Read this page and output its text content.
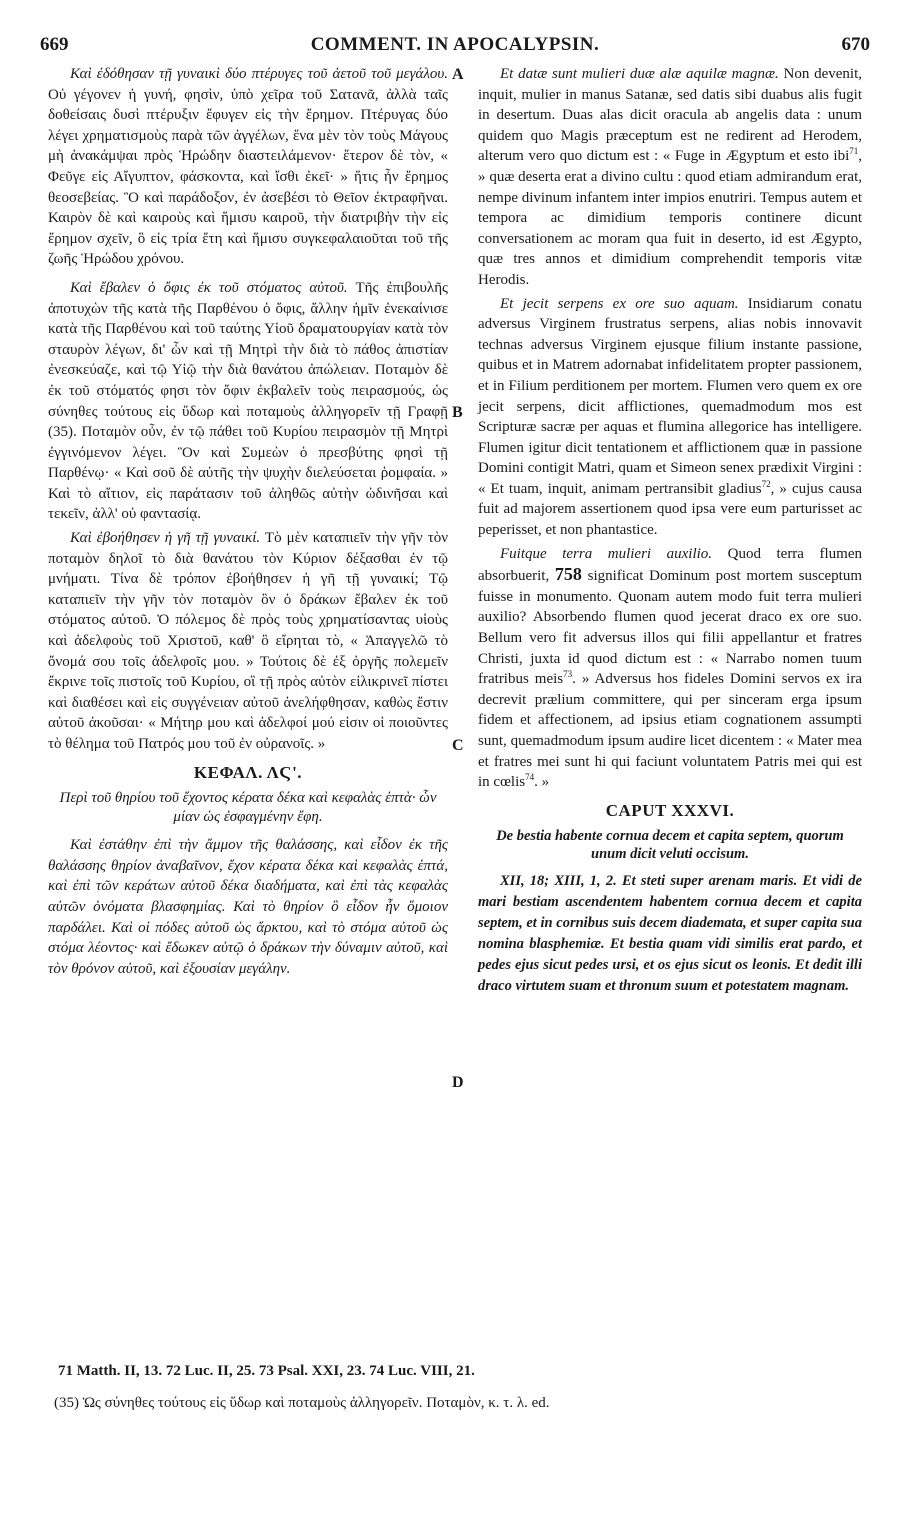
669	COMMENT. IN APOCALYPSIN.	670
A
B
C
D

Καὶ ἐδόθησαν τῇ γυναικὶ δύο πτέρυγες τοῦ ἀετοῦ τοῦ μεγάλου. Οὐ γέγονεν ἡ γυνή, φησὶν, ὑπὸ χεῖρα τοῦ Σατανᾶ, ἀλλὰ ταῖς δοθείσαις δυσὶ πτέρυξιν ἔφυγεν εἰς τὴν ἔρημον. Πτέρυγας δύο λέγει χρηματισμοὺς παρὰ τῶν ἀγγέλων, ἕνα μὲν τὸν τοὺς Μάγους μὴ ἀνακάμψαι πρὸς Ἡρώδην διαστειλάμενον· ἕτερον δὲ τὸν, « Φεῦγε εἰς Αἴγυπτον, φάσκοντα, καὶ ἴσθι ἐκεῖ· » ἥτις ἦν ἔρημος θεοσεβείας. Ὃ καὶ παράδοξον, ἐν ἀσεβέσι τὸ Θεῖον ἐκτραφῆναι. Καιρὸν δὲ καὶ καιροὺς καὶ ἥμισυ καιροῦ, τὴν διατριβὴν τὴν εἰς ἔρημον σχεῖν, ὃ εἰς τρία ἔτη καὶ ἥμισυ συγκεφαλαιοῦται τοῦ τῆς ζωῆς Ἡρώδου χρόνου.

Καὶ ἔβαλεν ὁ ὄφις ἐκ τοῦ στόματος αὐτοῦ. Τῆς ἐπιβουλῆς ἀποτυχὼν τῆς κατὰ τῆς Παρθένου ὁ ὄφις, ἄλλην ἡμῖν ἐνεκαίνισε κατὰ τῆς Παρθένου καὶ τοῦ ταύτης Υἱοῦ δραματουργίαν κατὰ τὸν σταυρὸν λέγων, δι' ὧν καὶ τῇ Μητρὶ τὴν διὰ τὸ πάθος ἀπιστίαν ἐνεσκεύαζε, καὶ τῷ Υἱῷ τὴν διὰ θανάτου ἀπώλειαν. Ποταμὸν δὲ ἐκ τοῦ στόματός φησι τὸν ὄφιν ἐκβαλεῖν τοὺς πειρασμούς, ὡς σύνηθες τούτους εἰς ὕδωρ καὶ ποταμοὺς ἀλληγορεῖν τῇ Γραφῇ (35). Ποταμὸν οὖν, ἐν τῷ πάθει τοῦ Κυρίου πειρασμὸν τῇ Μητρὶ ἐγγινόμενον λέγει. Ὃν καὶ Συμεὼν ὁ πρεσβύτης φησὶ τῇ Παρθένῳ· « Καὶ σοῦ δὲ αὐτῆς τὴν ψυχὴν διελεύσεται ῥομφαία. » Καὶ τὸ αἴτιον, εἰς παράτασιν τοῦ ἀληθῶς αὐτὴν ὠδινῆσαι καὶ τεκεῖν, ἀλλ' οὐ φαντασίᾳ.

Καὶ ἐβοήθησεν ἡ γῆ τῇ γυναικί. Τὸ μὲν καταπιεῖν τὴν γῆν τὸν ποταμὸν δηλοῖ τὸ διὰ θανάτου τὸν Κύριον δέξασθαι ἐν τῷ μνήματι. Τίνα δὲ τρόπον ἐβοήθησεν ἡ γῆ τῇ γυναικί; Τῷ καταπιεῖν τὴν γῆν τὸν ποταμὸν ὃν ὁ δράκων ἔβαλεν ἐκ τοῦ στόματος αὐτοῦ. Ὁ πόλεμος δὲ πρὸς τοὺς χρηματίσαντας υἱοὺς καὶ ἀδελφοὺς τοῦ Χριστοῦ, καθ' ὃ εἴρηται τὸ, « Ἀπαγγελῶ τὸ ὄνομά σου τοῖς ἀδελφοῖς μου. » Τούτοις δὲ ἐξ ὀργῆς πολεμεῖν ἔκρινε τοῖς πιστοῖς τοῦ Κυρίου, οἳ τῇ πρὸς αὐτὸν εἰλικρινεῖ πίστει καὶ διαθέσει καὶ εἰς συγγένειαν αὐτοῦ ἀνελήφθησαν, καθὼς ἔστιν αὐτοῦ ἀκοῦσαι· « Μήτηρ μου καὶ ἀδελφοί μού εἰσιν οἱ ποιοῦντες τὸ θέλημα τοῦ Πατρός μου τοῦ ἐν οὐρανοῖς. »

ΚΕΦΑΛ. ΛϚ'.
Περὶ τοῦ θηρίου τοῦ ἔχοντος κέρατα δέκα καὶ κεφαλὰς ἑπτὰ· ὧν μίαν ὡς ἐσφαγμένην ἔφη.

Καὶ ἐστάθην ἐπὶ τὴν ἄμμον τῆς θαλάσσης, καὶ εἶδον ἐκ τῆς θαλάσσης θηρίον ἀναβαῖνον, ἔχον κέρατα δέκα καὶ κεφαλὰς ἑπτά, καὶ ἐπὶ τῶν κεράτων αὐτοῦ δέκα διαδήματα, καὶ ἐπὶ τὰς κεφαλὰς αὐτῶν ὀνόματα βλασφημίας. Καὶ τὸ θηρίον ὃ εἶδον ἦν ὅμοιον παρδάλει. Καὶ οἱ πόδες αὐτοῦ ὡς ἄρκτου, καὶ τὸ στόμα αὐτοῦ ὡς στόμα λέοντος· καὶ ἔδωκεν αὐτῷ ὁ δράκων τὴν δύναμιν αὐτοῦ, καὶ τὸν θρόνον αὐτοῦ, καὶ ἐξουσίαν μεγάλην.

Et datæ sunt mulieri duæ alæ aquilæ magnæ. Non devenit, inquit, mulier in manus Satanæ, sed datis sibi duabus alis fugit in desertum. Duas alas dicit oracula ab angelis data : unum quidem quo Magis præceptum est ne redirent ad Herodem, alterum vero quo dictum est : « Fuge in Ægyptum et esto ibi$^{71}$, » quæ deserta erat a divino cultu : quod etiam admirandum erat, nempe divinum infantem inter impios enutriri. Tempus autem et tempora ac dimidium temporis continere dicunt conversationem ac moram qua fuit in deserto, id est Ægypto, quæ tres annos et dimidium comprehendit temporis vitæ Herodis.

Et jecit serpens ex ore suo aquam. Insidiarum conatu adversus Virginem frustratus serpens, alias nobis innovavit technas adversus Virginem ejusque filium instante passione, quibus et in Matrem adornabat infidelitatem propter passionem, et in Filium perditionem per mortem. Flumen vero quem ex ore jecit serpens, dicit afflictiones, quemadmodum mos est Scripturæ sacræ per aquas et flumina allegorice has intelligere. Flumen igitur dicit tentationem et afflictionem quæ in passione Domini contigit Matri, quam et Simeon senex prædixit Virgini : « Et tuam, inquit, animam pertransibit gladius$^{72}$, » cujus causa fuit ad majorem assertionem quod ipsa vere eum parturisset ac peperisset, et non phantastice.

Fuitque terra mulieri auxilio. Quod terra flumen absorbuerit, 758 significat Dominum post mortem susceptum fuisse in monumento. Quonam autem modo fuit terra mulieri auxilio? Absorbendo flumen quod jecerat draco ex ore suo. Bellum vero fit adversus illos qui filii appellantur et fratres Christi, juxta id quod dictum est : « Narrabo nomen tuum fratribus meis$^{73}$. » Adversus hos fideles Domini servos ex ira decrevit prælium committere, qui per sinceram erga ipsum fidem et affectionem, ad ipsius etiam cognationem assumpti sunt, quemadmodum ipsum audire licet dicentem : « Mater mea et fratres mei sunt hi qui faciunt voluntatem Patris mei qui est in cœlis$^{74}$. »

CAPUT XXXVI.
De bestia habente cornua decem et capita septem, quorum unum dicit veluti occisum.

XII, 18; XIII, 1, 2. Et steti super arenam maris. Et vidi de mari bestiam ascendentem habentem cornua decem et capita septem, et in cornibus suis decem diademata, et super capita sua nomina blasphemiæ. Et bestia quam vidi similis erat pardo, et pedes ejus sicut pedes ursi, et os ejus sicut os leonis. Et dedit illi draco virtutem suam et thronum suum et potestatem magnam.

71 Matth. II, 13. 72 Luc. II, 25. 73 Psal. XXI, 23. 74 Luc. VIII, 21.

(35) Ὡς σύνηθες τούτους εἰς ὕδωρ καὶ ποταμοὺς ἀλληγορεῖν. Ποταμὸν, κ. τ. λ. ed.
